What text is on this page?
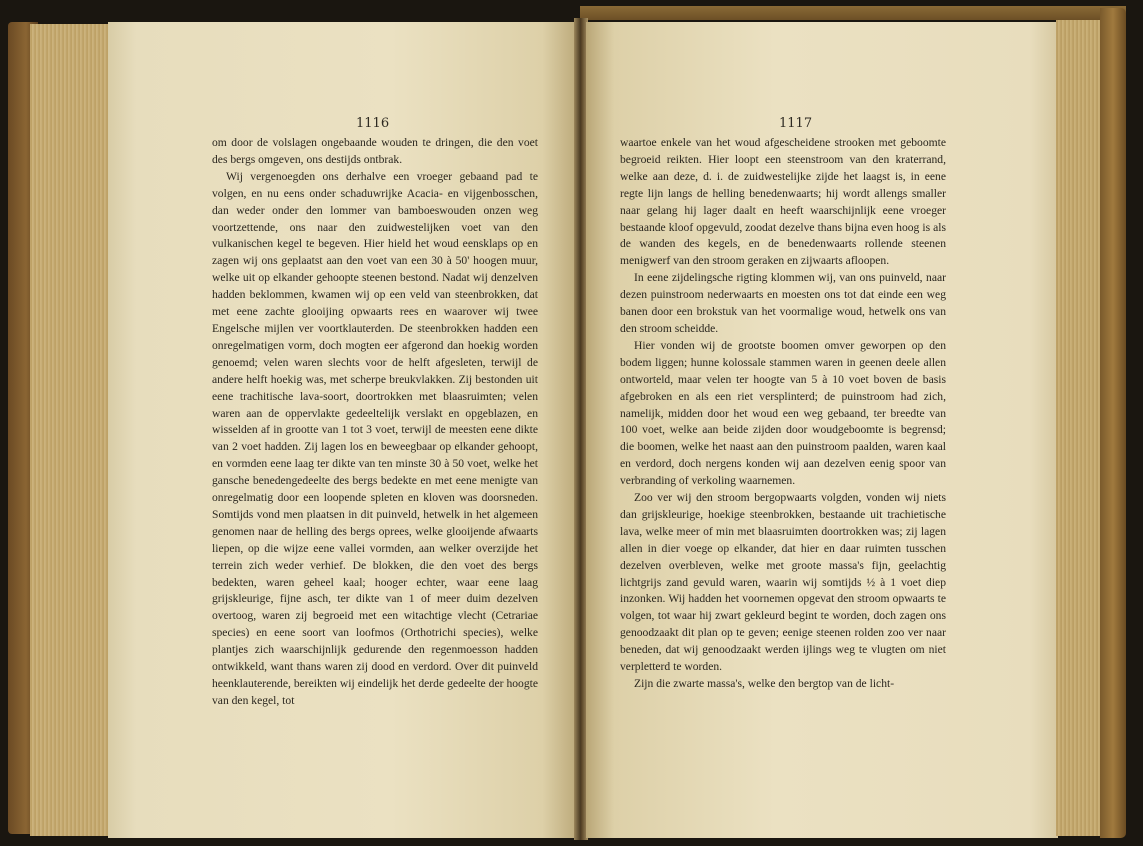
1116

om door de volslagen ongebaande wouden te dringen, die den voet des bergs omgeven, ons destijds ontbrak.

Wij vergenoegden ons derhalve een vroeger gebaand pad te volgen, en nu eens onder schaduwrijke Acacia- en vijgenbosschen, dan weder onder den lommer van bamboeswouden onzen weg voortzettende, ons naar den zuidwestelijken voet van den vulkanischen kegel te begeven. Hier hield het woud eensklaps op en zagen wij ons geplaatst aan den voet van een 30 à 50' hoogen muur, welke uit op elkander gehoopte steenen bestond. Nadat wij denzelven hadden beklommen, kwamen wij op een veld van steenbrokken, dat met eene zachte glooijing opwaarts rees en waarover wij twee Engelsche mijlen ver voortklauterden. De steenbrokken hadden een onregelmatigen vorm, doch mogten eer afgerond dan hoekig worden genoemd; velen waren slechts voor de helft afgesleten, terwijl de andere helft hoekig was, met scherpe breukvlakken. Zij bestonden uit eene trachitische lava-soort, doortrokken met blaasruimten; velen waren aan de oppervlakte gedeeltelijk verslakt en opgeblazen, en wisselden af in grootte van 1 tot 3 voet, terwijl de meesten eene dikte van 2 voet hadden. Zij lagen los en beweegbaar op elkander gehoopt, en vormden eene laag ter dikte van ten minste 30 à 50 voet, welke het gansche benedengedeelte des bergs bedekte en met eene menigte van onregelmatig door een loopende spleten en kloven was doorsneden. Somtijds vond men plaatsen in dit puinveld, hetwelk in het algemeen genomen naar de helling des bergs oprees, welke glooijende afwaarts liepen, op die wijze eene vallei vormden, aan welker overzijde het terrein zich weder verhief. De blokken, die den voet des bergs bedekten, waren geheel kaal; hooger echter, waar eene laag grijskleurige, fijne asch, ter dikte van 1 of meer duim dezelven overtoog, waren zij begroeid met een witachtige vlecht (Cetrariae species) en eene soort van loofmos (Orthotrichi species), welke plantjes zich waarschijnlijk gedurende den regenmoesson hadden ontwikkeld, want thans waren zij dood en verdord. Over dit puinveld heenklauterende, bereikten wij eindelijk het derde gedeelte der hoogte van den kegel, tot

1117

waartoe enkele van het woud afgescheidene strooken met geboomte begroeid reikten. Hier loopt een steenstroom van den kraterrand, welke aan deze, d. i. de zuidwestelijke zijde het laagst is, in eene regte lijn langs de helling benedenwaarts; hij wordt allengs smaller naar gelang hij lager daalt en heeft waarschijnlijk eene vroeger bestaande kloof opgevuld, zoodat dezelve thans bijna even hoog is als de wanden des kegels, en de benedenwaarts rollende steenen menigwerf van den stroom geraken en zijwaarts afloopen.

In eene zijdelingsche rigting klommen wij, van ons puinveld, naar dezen puinstroom nederwaarts en moesten ons tot dat einde een weg banen door een brokstuk van het voormalige woud, hetwelk ons van den stroom scheidde.

Hier vonden wij de grootste boomen omver geworpen op den bodem liggen; hunne kolossale stammen waren in geenen deele allen ontworteld, maar velen ter hoogte van 5 à 10 voet boven de basis afgebroken en als een riet versplinterd; de puinstroom had zich, namelijk, midden door het woud een weg gebaand, ter breedte van 100 voet, welke aan beide zijden door woudgeboomte is begrensd; die boomen, welke het naast aan den puinstroom paalden, waren kaal en verdord, doch nergens konden wij aan dezelven eenig spoor van verbranding of verkoling waarnemen.

Zoo ver wij den stroom bergopwaarts volgden, vonden wij niets dan grijskleurige, hoekige steenbrokken, bestaande uit trachietische lava, welke meer of min met blaasruimten doortrokken was; zij lagen allen in dier voege op elkander, dat hier en daar ruimten tusschen dezelven overbleven, welke met groote massa's fijn, geelachtig lichtgrijs zand gevuld waren, waarin wij somtijds ½ à 1 voet diep inzonken. Wij hadden het voornemen opgevat den stroom opwaarts te volgen, tot waar hij zwart gekleurd begint te worden, doch zagen ons genoodzaakt dit plan op te geven; eenige steenen rolden zoo ver naar beneden, dat wij genoodzaakt werden ijlings weg te vlugten om niet verpletterd te worden.

Zijn die zwarte massa's, welke den bergtop van de licht-
